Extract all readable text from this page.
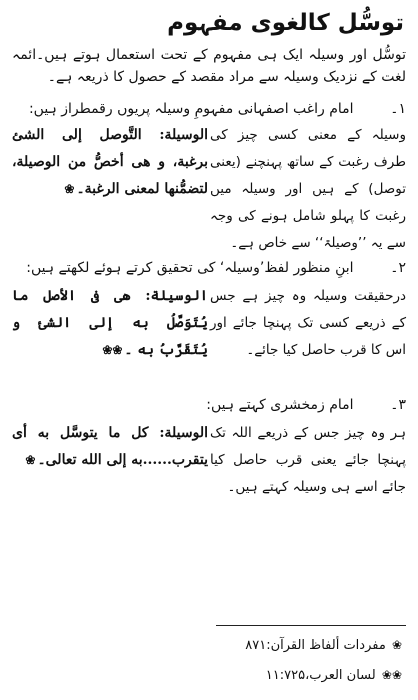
توسُّل کالغوی مفہوم
توسُّل اور وسیلہ ایک ہی مفہوم کے تحت استعمال ہوتے ہیں۔ائمہ لغت کے نزدیک وسیلہ سے مراد مقصد کے حصول کا ذریعہ ہے۔
۱۔ امام راغب اصفہانی مفہومِ وسیلہ پریوں رقمطراز ہیں:
وسیلہ کے معنی کسی چیز کی طرف رغبت کے ساتھ پہنچنے (یعنی توصل) کے ہیں اور وسیلہ میں رغبت کا پہلو شامل ہونے کی وجہ سے یہ ’’وصیلۃ‘‘ سے خاص ہے۔
الوسيلة: التَّوصل إلى الشئ برغبة، و هى أخصُّ من الوصيلة، لتضمُّنها لمعنى الرغبة۔❀
۲۔ ابنِ منظور لفظ’وسیلہ‘ کی تحقیق کرتے ہوئے لکھتے ہیں:
درحقیقت وسیلہ وہ چیز ہے جس کے ذریعے کسی تک پہنچا جائے اور اس کا قرب حاصل کیا جائے۔
الوسيلة: هى فى الأصل ما يُتَوَصَّلُ به إلى الشئ و يُتَقَرَّبُ به ۔❀❀
۳۔ امام زمخشری کہتے ہیں:
ہر وہ چیز جس کے ذریعے اللہ تک پہنچا جائے یعنی قرب حاصل کیا جائے اسے ہی وسیلہ کہتے ہیں۔
الوسيلة: كل ما يتوسَّل به أى يتقرب......به إلى الله تعالى۔❀
❀ مفردات ألفاظ القرآن:۸۷۱
❀❀ لسان العرب،۱۱:۷۲۵
